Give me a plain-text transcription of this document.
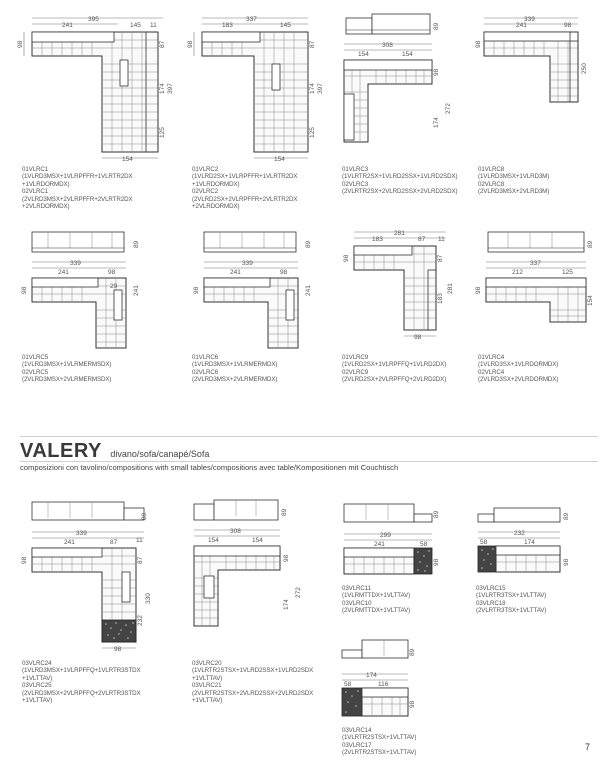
395
241	145 11
98	87
174 397
125
154
01VLRC1
(1VLRD3MSX+1VLRPFFR+1VLRTR2DX
+1VLRDORMDX)
02VLRC1
(2VLRD3MSX+2VLRPFFR+2VLRTR2DX
+2VLRDORMDX)
337
183	145
98	87
174 397
125
154
01VLRC2
(1VLRD2SX+1VLRPFFR+1VLRTR2DX
+1VLRDORMDX)
02VLRC2
(2VLRD2SX+2VLRPFFR+2VLRTR2DX
+2VLRDORMDX)
89
308
154	154
98
174
272
01VLRC3
(1VLRTR2SX+1VLRD2SSX+1VLRD2SDX)
02VLRC3
(2VLRTR2SX+2VLRD2SSX+2VLRD2SDX)
339
241	98
98
250
01VLRC8
(1VLRD3MSX+1VLRD3M)
02VLRC8
(2VLRD3MSX+2VLRD3M)
89
339
241	98
29
98	241
01VLRC5
(1VLRD3MSX+1VLRMERMSDX)
02VLRC5
(2VLRD3MSX+2VLRMERMSDX)
89
339
241	98
98	241
01VLRC6
(1VLRD3MSX+1VLRMERMDX)
02VLRC6
(2VLRD3MSX+2VLRMERMDX)
281
183	87 11
98	87
183
281
98
01VLRC9
(1VLRD2SX+1VLRPFFQ+1VLRD2DX)
02VLRC9
(2VLRD2SX+2VLRPFFQ+2VLRD2DX)
89
337
212	125
98
154
01VLRC4
(1VLRD3SX+1VLRDORMDX)
02VLRC4
(2VLRD3SX+2VLRDORMDX)
VALERY divano/sofa/canapé/Sofa
composizioni con tavolino/compositions with small tables/compositions avec table/Kompositionen mit Couchtisch
89
339
241	87	11
98	87
330
232
98
03VLRC24
(1VLRD3MSX+1VLRPFFQ+1VLRTR3STDX
+1VLTTAV)
03VLRC25
(2VLRD3MSX+2VLRPFFQ+2VLRTR3STDX
+1VLTTAV)
89
308
154	154
98
174
272
03VLRC20
(1VLRTR2STSX+1VLRD2SSX+1VLRD2SDX
+1VLTTAV)
03VLRC21
(2VLRTR2STSX+2VLRD2SSX+2VLRD2SDX
+1VLTTAV)
89
299
241	58
98
03VLRC11
(1VLRMTTDX+1VLTTAV)
03VLRC10
(2VLRMTTDX+1VLTTAV)
89
232
58	174
98
03VLRC15
(1VLRTR3TSX+1VLTTAV)
03VLRC18
(2VLRTR3TSX+1VLTTAV)
89
174
58	116
98
03VLRC14
(1VLRTR2STSX+1VLTTAV)
03VLRC17
(2VLRTR2STSX+1VLTTAV)
7
